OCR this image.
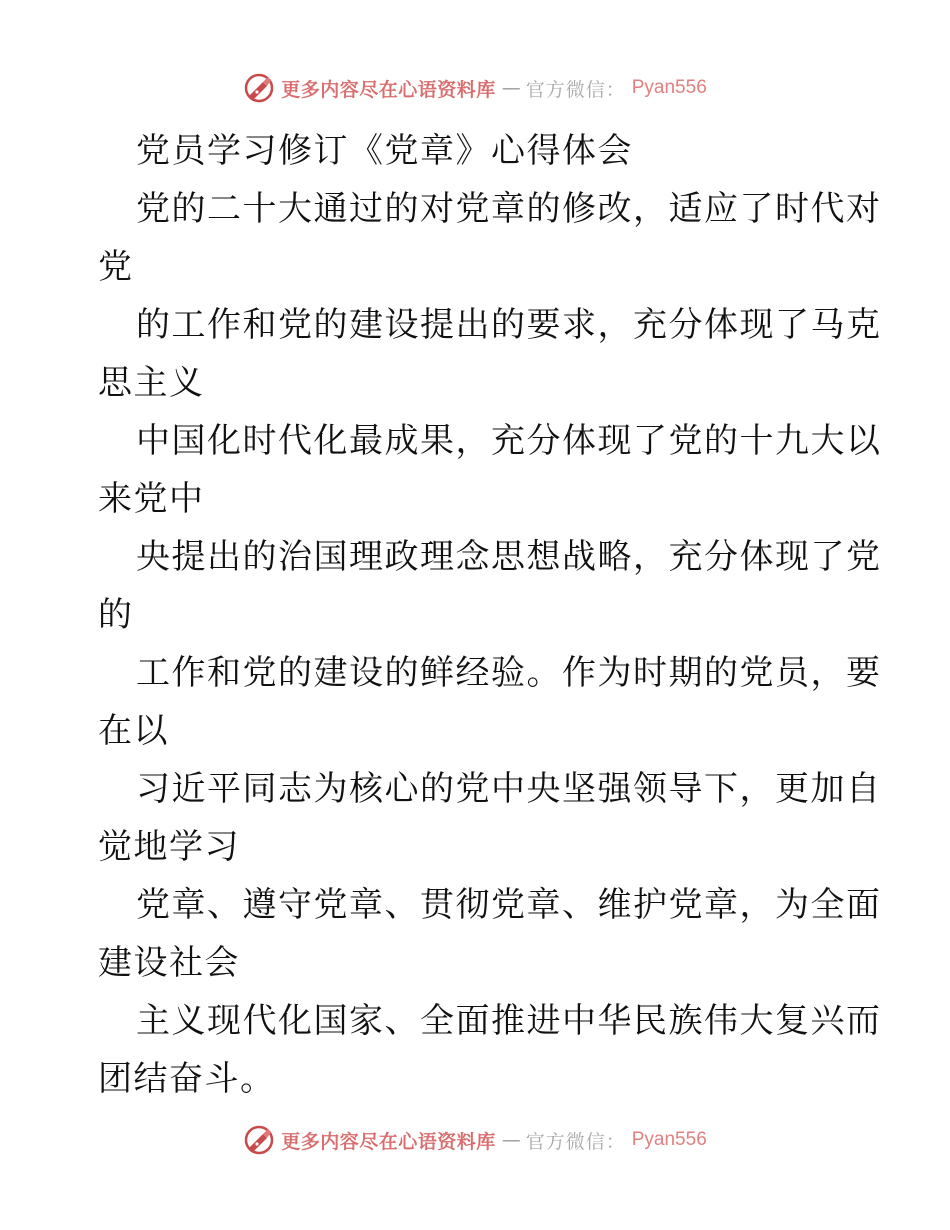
更多内容尽在心语资料库 — 官方微信： Pyan556
党员学习修订《党章》心得体会
党的二十大通过的对党章的修改，适应了时代对
党
的工作和党的建设提出的要求，充分体现了马克
思主义
中国化时代化最成果，充分体现了党的十九大以
来党中
央提出的治国理政理念思想战略，充分体现了党
的
工作和党的建设的鲜经验。作为时期的党员，要
在以
习近平同志为核心的党中央坚强领导下，更加自
觉地学习
党章、遵守党章、贯彻党章、维护党章，为全面
建设社会
主义现代化国家、全面推进中华民族伟大复兴而
团结奋斗。
更多内容尽在心语资料库 — 官方微信： Pyan556
